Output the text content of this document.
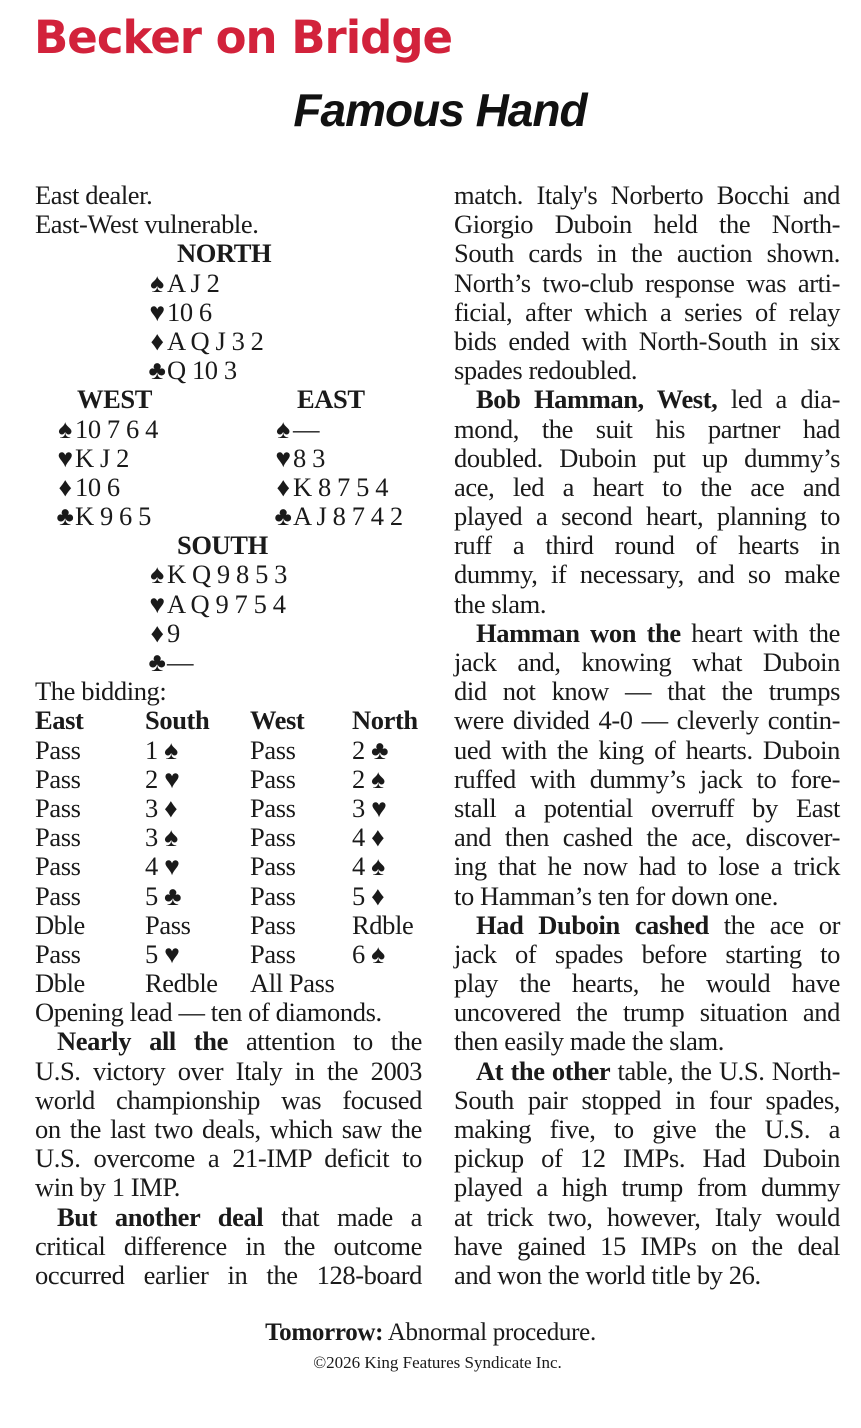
Becker on Bridge
Famous Hand
East dealer.
East-West vulnerable.
NORTH
♠ A J 2
♥10 6
♦ A Q J 3 2
♣Q 10 3
WEST	EAST
♠ 10 7 6 4	♠ —
♥K J 2	♥8 3
♦ 10 6	♦ K 8 7 5 4
♣K 9 6 5	♣A J 8 7 4 2
SOUTH
♠ K Q 9 8 5 3
♥A Q 9 7 5 4
♦ 9
♣—
The bidding:
East South West North
Pass 1 ♠	Pass 2 ♣
Pass 2 ♥	Pass 2 ♠
Pass 3 ♦	Pass 3 ♥
Pass 3 ♠	Pass 4 ♦
Pass 4 ♥	Pass 4 ♠
Pass 5 ♣	Pass 5 ♦
Dble Pass Pass Rdble
Pass 5 ♥	Pass 6 ♠
Dble Redble All Pass
Opening lead — ten of diamonds.
Nearly all the attention to the
U.S. victory over Italy in the 2003
world championship was focused
on the last two deals, which saw the
U.S. overcome a 21-IMP deficit to
win by 1 IMP.
But another deal that made a
critical difference in the outcome
occurred earlier in the 128-board
match. Italy's Norberto Bocchi and
Giorgio Duboin held the North-
South cards in the auction shown.
North’s two-club response was arti-
ficial, after which a series of relay
bids ended with North-South in six
spades redoubled.
Bob Hamman, West, led a dia-
mond, the suit his partner had
doubled. Duboin put up dummy’s
ace, led a heart to the ace and
played a second heart, planning to
ruff a third round of hearts in
dummy, if necessary, and so make
the slam.
Hamman won the heart with the
jack and, knowing what Duboin
did not know — that the trumps
were divided 4-0 — cleverly contin-
ued with the king of hearts. Duboin
ruffed with dummy’s jack to fore-
stall a potential overruff by East
and then cashed the ace, discover-
ing that he now had to lose a trick
to Hamman’s ten for down one.
Had Duboin cashed the ace or
jack of spades before starting to
play the hearts, he would have
uncovered the trump situation and
then easily made the slam.
At the other table, the U.S. North-
South pair stopped in four spades,
making five, to give the U.S. a
pickup of 12 IMPs. Had Duboin
played a high trump from dummy
at trick two, however, Italy would
have gained 15 IMPs on the deal
and won the world title by 26.
Tomorrow: Abnormal procedure.
©2026 King Features Syndicate Inc.
